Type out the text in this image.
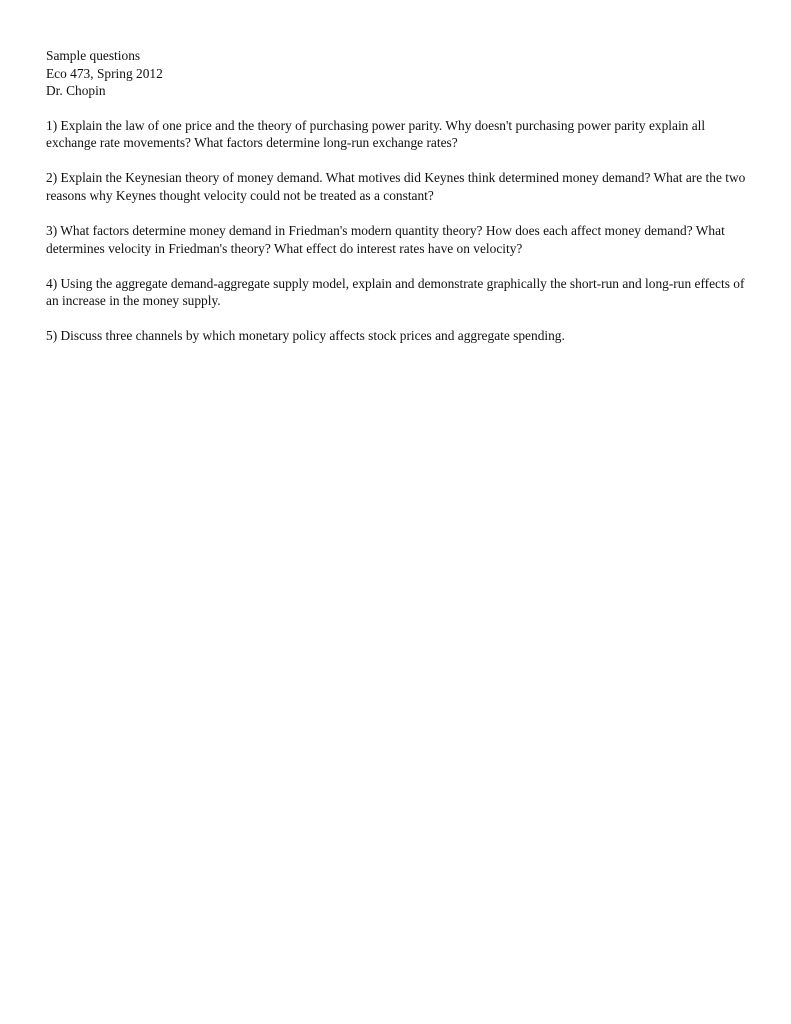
Sample questions
Eco 473, Spring 2012
Dr. Chopin

1) Explain the law of one price and the theory of purchasing power parity. Why doesn't purchasing power parity explain all exchange rate movements? What factors determine long-run exchange rates?

2) Explain the Keynesian theory of money demand. What motives did Keynes think determined money demand? What are the two reasons why Keynes thought velocity could not be treated as a constant?

3) What factors determine money demand in Friedman's modern quantity theory? How does each affect money demand? What determines velocity in Friedman's theory? What effect do interest rates have on velocity?

4) Using the aggregate demand-aggregate supply model, explain and demonstrate graphically the short-run and long-run effects of an increase in the money supply.

5) Discuss three channels by which monetary policy affects stock prices and aggregate spending.
